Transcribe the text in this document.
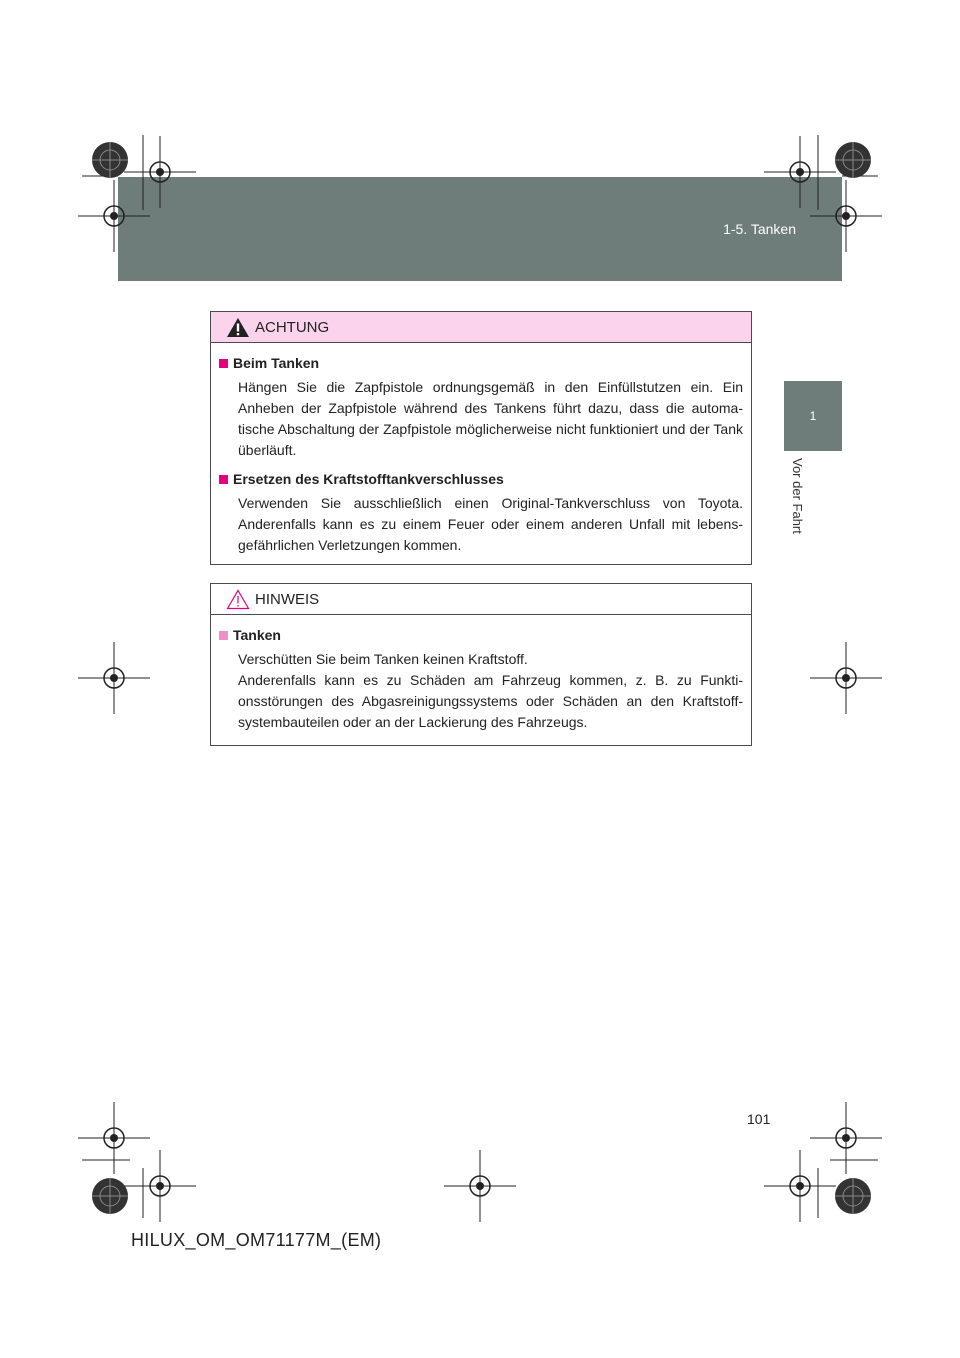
1-5. Tanken
HILUX_OM_OM71177M_(EM).book Page 101 Wednesday, May 16, 2012 1:28 PM
1
Vor der Fahrt
ACHTUNG
Beim Tanken
Hängen Sie die Zapfpistole ordnungsgemäß in den Einfüllstutzen ein. Ein Anheben der Zapfpistole während des Tankens führt dazu, dass die automa-tische Abschaltung der Zapfpistole möglicherweise nicht funktioniert und der Tank überläuft.
Ersetzen des Kraftstofftankverschlusses
Verwenden Sie ausschließlich einen Original-Tankverschluss von Toyota. Anderenfalls kann es zu einem Feuer oder einem anderen Unfall mit lebens-gefährlichen Verletzungen kommen.
HINWEIS
Tanken
Verschütten Sie beim Tanken keinen Kraftstoff.
Anderenfalls kann es zu Schäden am Fahrzeug kommen, z. B. zu Funkti-onsstörungen des Abgasreinigungssystems oder Schäden an den Kraftstoff-systembauteilen oder an der Lackierung des Fahrzeugs.
101
HILUX_OM_OM71177M_(EM)
